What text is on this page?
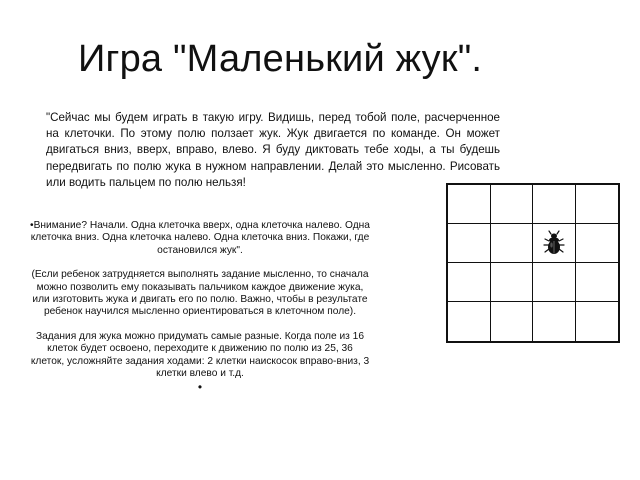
Игра "Маленький жук".

"Сейчас мы будем играть в такую игру. Видишь, перед тобой поле, расчерченное на клеточки. По этому полю ползает жук. Жук двигается по команде. Он может двигаться вниз, вверх, вправо, влево. Я буду диктовать тебе ходы, а ты будешь передвигать по полю жука в нужном направлении. Делай это мысленно. Рисовать или водить пальцем по полю нельзя!

•Внимание? Начали. Одна клеточка вверх, одна клеточка налево. Одна клеточка вниз. Одна клеточка налево. Одна клеточка вниз. Покажи, где остановился жук".

(Если ребенок затрудняется выполнять задание мысленно, то сначала можно позволить ему показывать пальчиком каждое движение жука, или изготовить жука и двигать его по полю. Важно, чтобы в результате ребенок научился мысленно ориентироваться в клеточном поле).

Задания для жука можно придумать самые разные. Когда поле из 16 клеток будет освоено, переходите к движению по полю из 25, 36 клеток, усложняйте задания ходами: 2 клетки наискосок вправо-вниз, 3 клетки влево и т.д.

•
